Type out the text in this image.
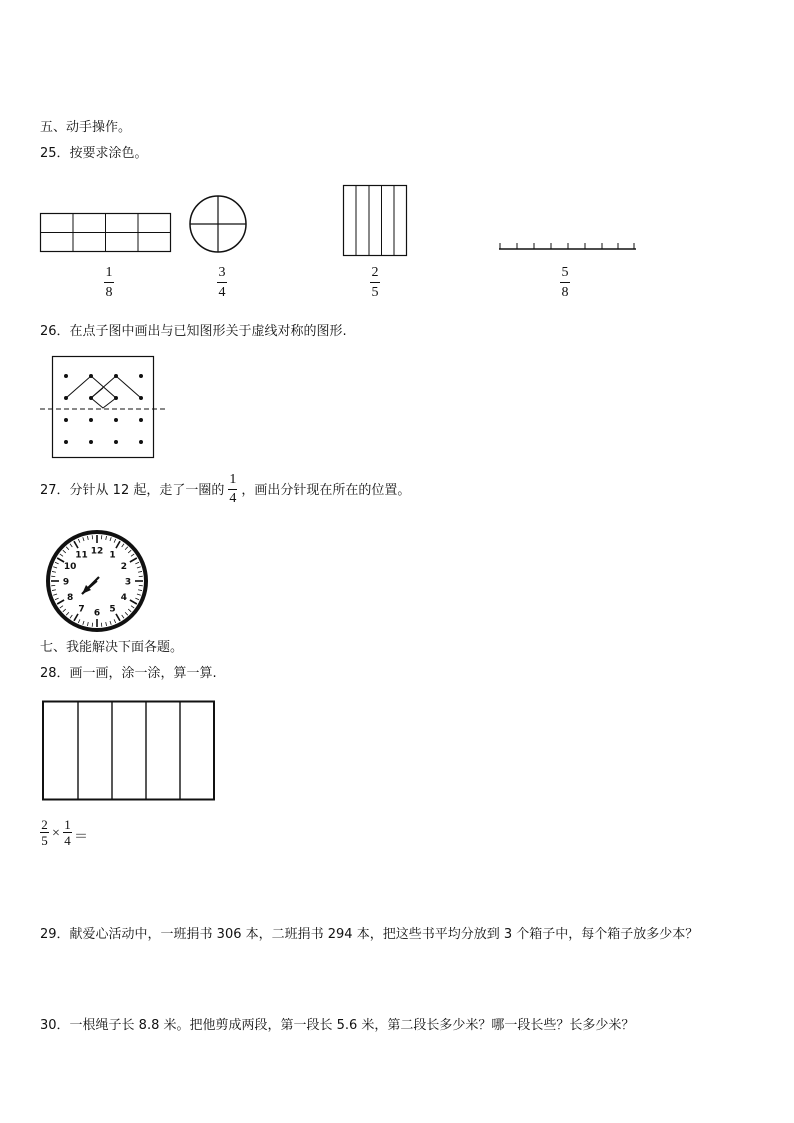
五、动手操作。
25．按要求涂色。
1
8
3
4
2
5
5
8
26．在点子图中画出与已知图形关于虚线对称的图形.
27．分针从 12 起，走了一圈的 $\frac{1}{4}$ ，画出分针现在所在的位置。
12 1
2
3
4
5
6
7
8
9
10
11
七、我能解决下面各题。
28．画一画，涂一涂，算一算.
2
5 ×
1
4 ＝
29．献爱心活动中，一班捐书 306 本，二班捐书 294 本，把这些书平均分放到 3 个箱子中，每个箱子放多少本？
30．一根绳子长 8.8 米。把他剪成两段，第一段长 5.6 米，第二段长多少米？哪一段长些？长多少米？
